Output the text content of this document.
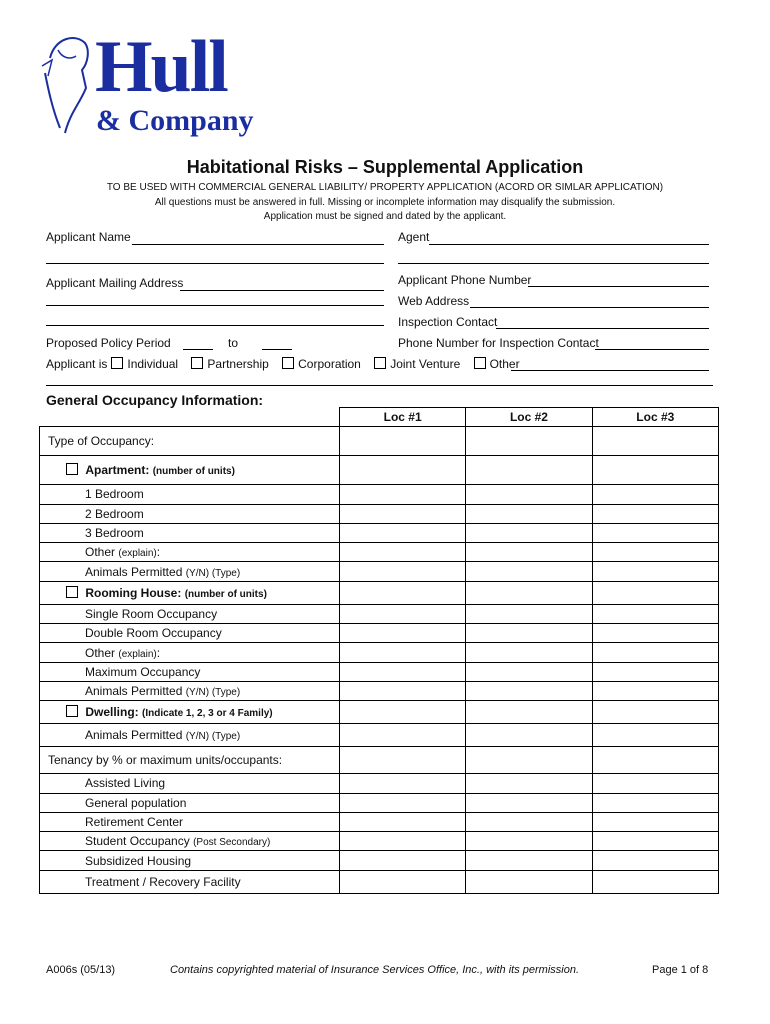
Hull
& Company
Habitational Risks – Supplemental Application
TO BE USED WITH COMMERCIAL GENERAL LIABILITY/ PROPERTY APPLICATION (ACORD OR SIMLAR APPLICATION)
All questions must be answered in full. Missing or incomplete information may disqualify the submission.
Application must be signed and dated by the applicant.
Applicant Name	Agent
Applicant Mailing Address	Applicant Phone Number
Web Address
Inspection Contact
Proposed Policy Period	to	Phone Number for Inspection Contact
Applicant is Individual Partnership Corporation Joint Venture Other
General Occupancy Information:
	Loc #1	Loc #2	Loc #3
Type of Occupancy:			
Apartment: (number of units)			
1 Bedroom			
2 Bedroom			
3 Bedroom			
Other (explain):			
Animals Permitted (Y/N) (Type)			
Rooming House: (number of units)			
Single Room Occupancy			
Double Room Occupancy			
Other (explain):			
Maximum Occupancy			
Animals Permitted (Y/N) (Type)			
Dwelling: (Indicate 1, 2, 3 or 4 Family)			
Animals Permitted (Y/N) (Type)			
Tenancy by % or maximum units/occupants:			
Assisted Living			
General population			
Retirement Center			
Student Occupancy (Post Secondary)			
Subsidized Housing			
Treatment / Recovery Facility			
A006s (05/13)	Contains copyrighted material of Insurance Services Office, Inc., with its permission.	Page 1 of 8
